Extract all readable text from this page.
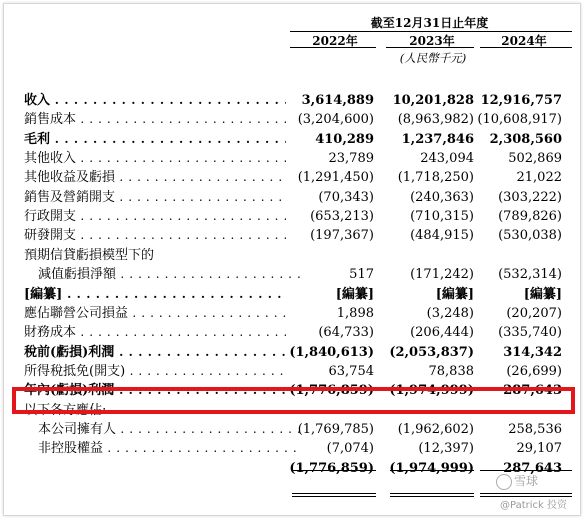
截至12月31日止年度
2022年	2023年	2024年
(人民幣千元)
收入 . . .	3,614,889	10,201,828 12,916,757
銷售成本 . . .	(3,204,600)	(8,963,982) (10,608,917)
毛利 . . .	410,289	1,237,846	2,308,560
其他收入 . . .	23,789	243,094	502,869
其他收益及虧損 . . .	(1,291,450)	(1,718,250)	21,022
銷售及營銷開支 . . .	(70,343)	(240,363)	(303,222)
行政開支 . . .	(653,213)	(710,315)	(789,826)
研發開支 . . .	(197,367)	(484,915)	(530,038)
預期信貸虧損模型下的
減值虧損淨額 . . .	517	(171,242)	(532,314)
[編纂] . . .	[編纂]	[編纂]	[編纂]
應佔聯營公司損益 . . .	1,898	(3,248)	(20,207)
財務成本 . . .	(64,733)	(206,444)	(335,740)
稅前(虧損)利潤 . . .	(1,840,613)	(2,053,837)	314,342
所得稅抵免(開支) . . .	63,754	78,838	(26,699)
年內(虧損)利潤 . . .	(1,776,859)	(1,974,999)	287,643
以下各方應佔:
本公司擁有人 . . .	(1,769,785)	(1,962,602)	258,536
非控股權益 . . .	(7,074)	(12,397)	29,107
(1,776,859)	(1,974,999)	287,643
雪球
@Patrick 投资
